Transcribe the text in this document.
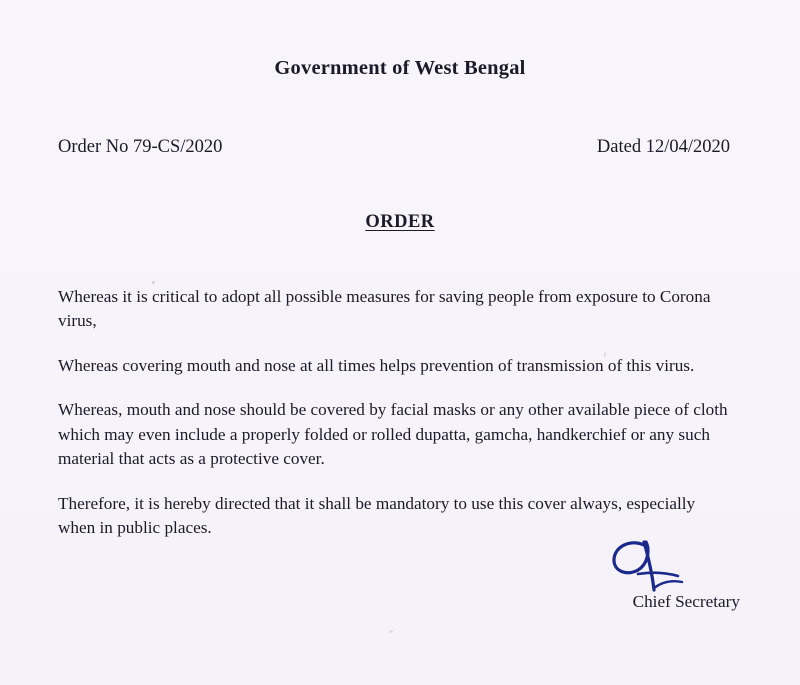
Government of West Bengal
Order No 79-CS/2020	Dated 12/04/2020
ORDER

Whereas it is critical to adopt all possible measures for saving people from exposure to Corona virus,

Whereas covering mouth and nose at all times helps prevention of transmission of this virus.

Whereas, mouth and nose should be covered by facial masks or any other available piece of cloth which may even include a properly folded or rolled dupatta, gamcha, handkerchief or any such material that acts as a protective cover.

Therefore, it is hereby directed that it shall be mandatory to use this cover always, especially when in public places.

Chief Secretary
